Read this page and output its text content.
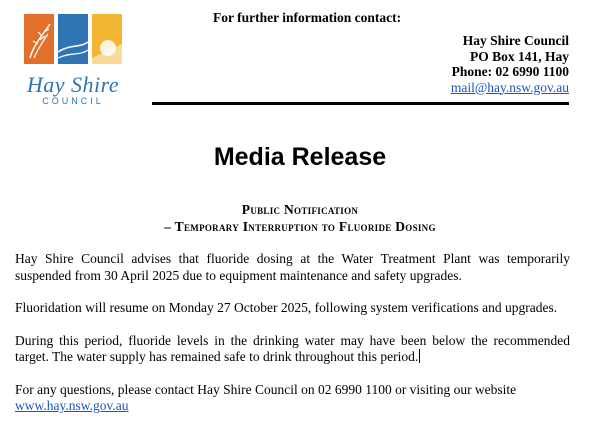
Hay Shire
COUNCIL
For further information contact:
Hay Shire Council
PO Box 141, Hay
Phone: 02 6990 1100
mail@hay.nsw.gov.au
Media Release
Public Notification
– Temporary Interruption to Fluoride Dosing

Hay Shire Council advises that fluoride dosing at the Water Treatment Plant was temporarily suspended from 30 April 2025 due to equipment maintenance and safety upgrades.

Fluoridation will resume on Monday 27 October 2025, following system verifications and upgrades.

During this period, fluoride levels in the drinking water may have been below the recommended target. The water supply has remained safe to drink throughout this period.

For any questions, please contact Hay Shire Council on 02 6990 1100 or visiting our website
www.hay.nsw.gov.au
